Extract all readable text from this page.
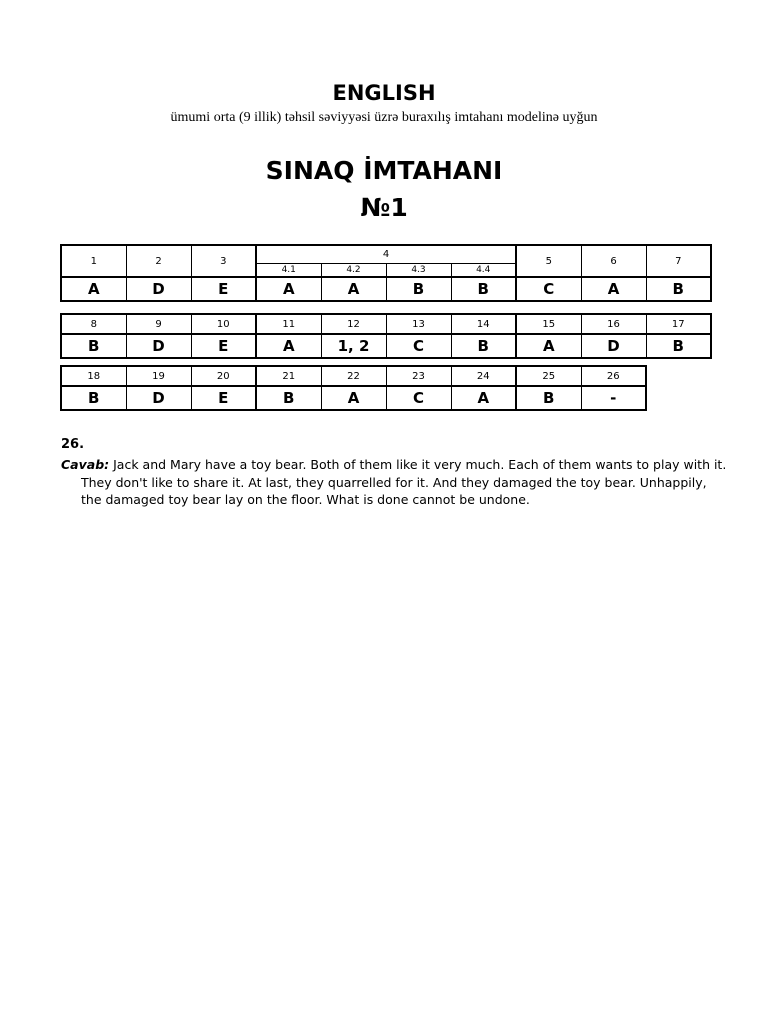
ENGLISH
ümumi orta (9 illik) təhsil səviyyəsi üzrə buraxılış imtahanı modelinə uyğun
SINAQ İMTAHANI
№1
1	2	3	4				5	6	7
			4.1	4.2	4.3	4.4			
A	D	E	A	A	B	B	C	A	B
8	9	10	11	12	13	14	15	16	17
B	D	E	A	1, 2	C	B	A	D	B
18	19	20	21	22	23	24	25	26
B	D	E	B	A	C	A	B	-
26.
Cavab: Jack and Mary have a toy bear. Both of them like it very much. Each of them wants to play with it. They don't like to share it. At last, they quarrelled for it. And they damaged the toy bear. Unhappily, the damaged toy bear lay on the floor. What is done cannot be undone.
